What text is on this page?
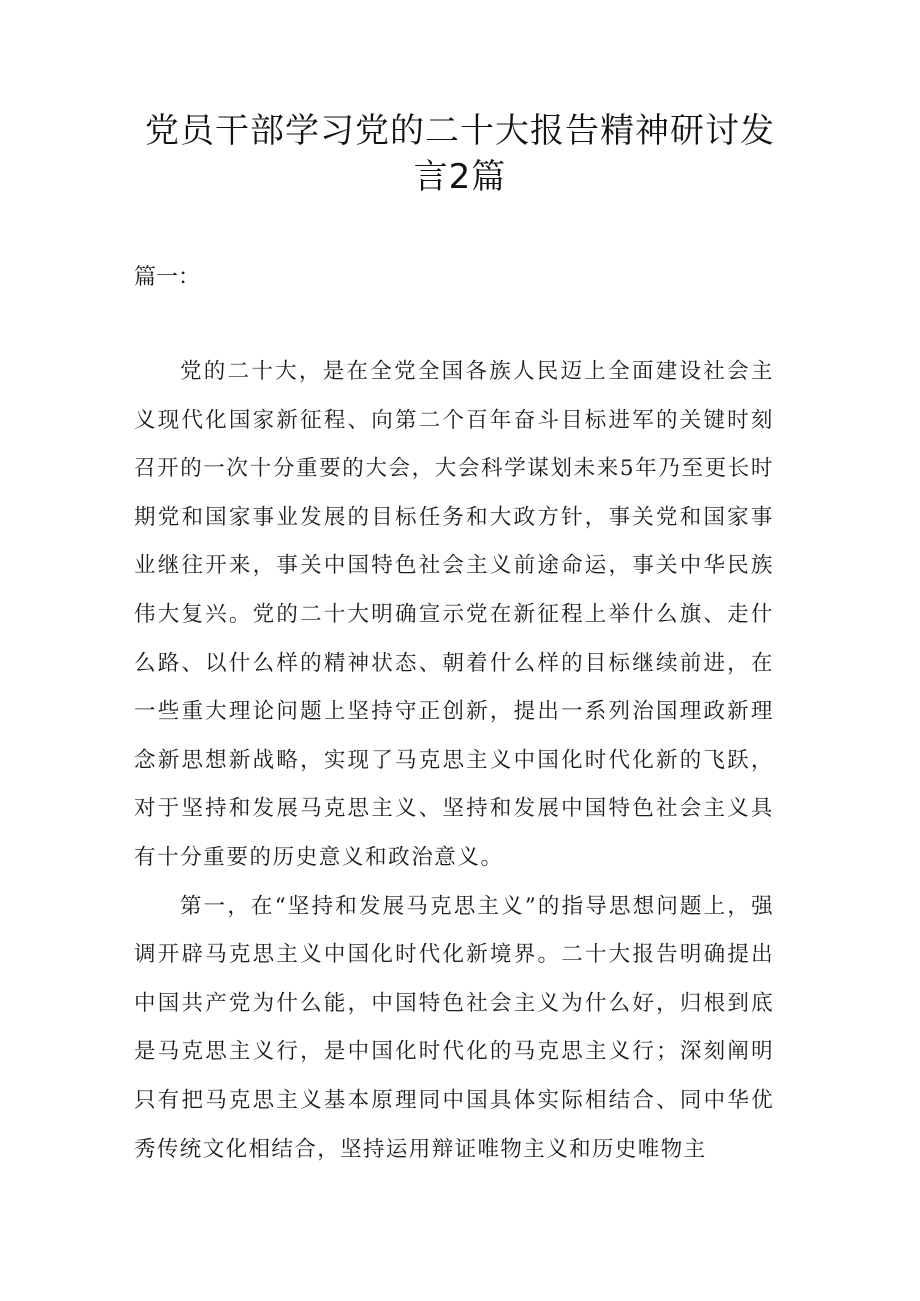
党员干部学习党的二十大报告精神研讨发
言2篇

篇一：

党的二十大，是在全党全国各族人民迈上全面建设社会主义现代化国家新征程、向第二个百年奋斗目标进军的关键时刻召开的一次十分重要的大会，大会科学谋划未来5年乃至更长时期党和国家事业发展的目标任务和大政方针，事关党和国家事业继往开来，事关中国特色社会主义前途命运，事关中华民族伟大复兴。党的二十大明确宣示党在新征程上举什么旗、走什么路、以什么样的精神状态、朝着什么样的目标继续前进，在一些重大理论问题上坚持守正创新，提出一系列治国理政新理念新思想新战略，实现了马克思主义中国化时代化新的飞跃，对于坚持和发展马克思主义、坚持和发展中国特色社会主义具有十分重要的历史意义和政治意义。

第一，在“坚持和发展马克思主义”的指导思想问题上，强调开辟马克思主义中国化时代化新境界。二十大报告明确提出中国共产党为什么能，中国特色社会主义为什么好，归根到底是马克思主义行，是中国化时代化的马克思主义行；深刻阐明只有把马克思主义基本原理同中国具体实际相结合、同中华优秀传统文化相结合，坚持运用辩证唯物主义和历史唯物主
